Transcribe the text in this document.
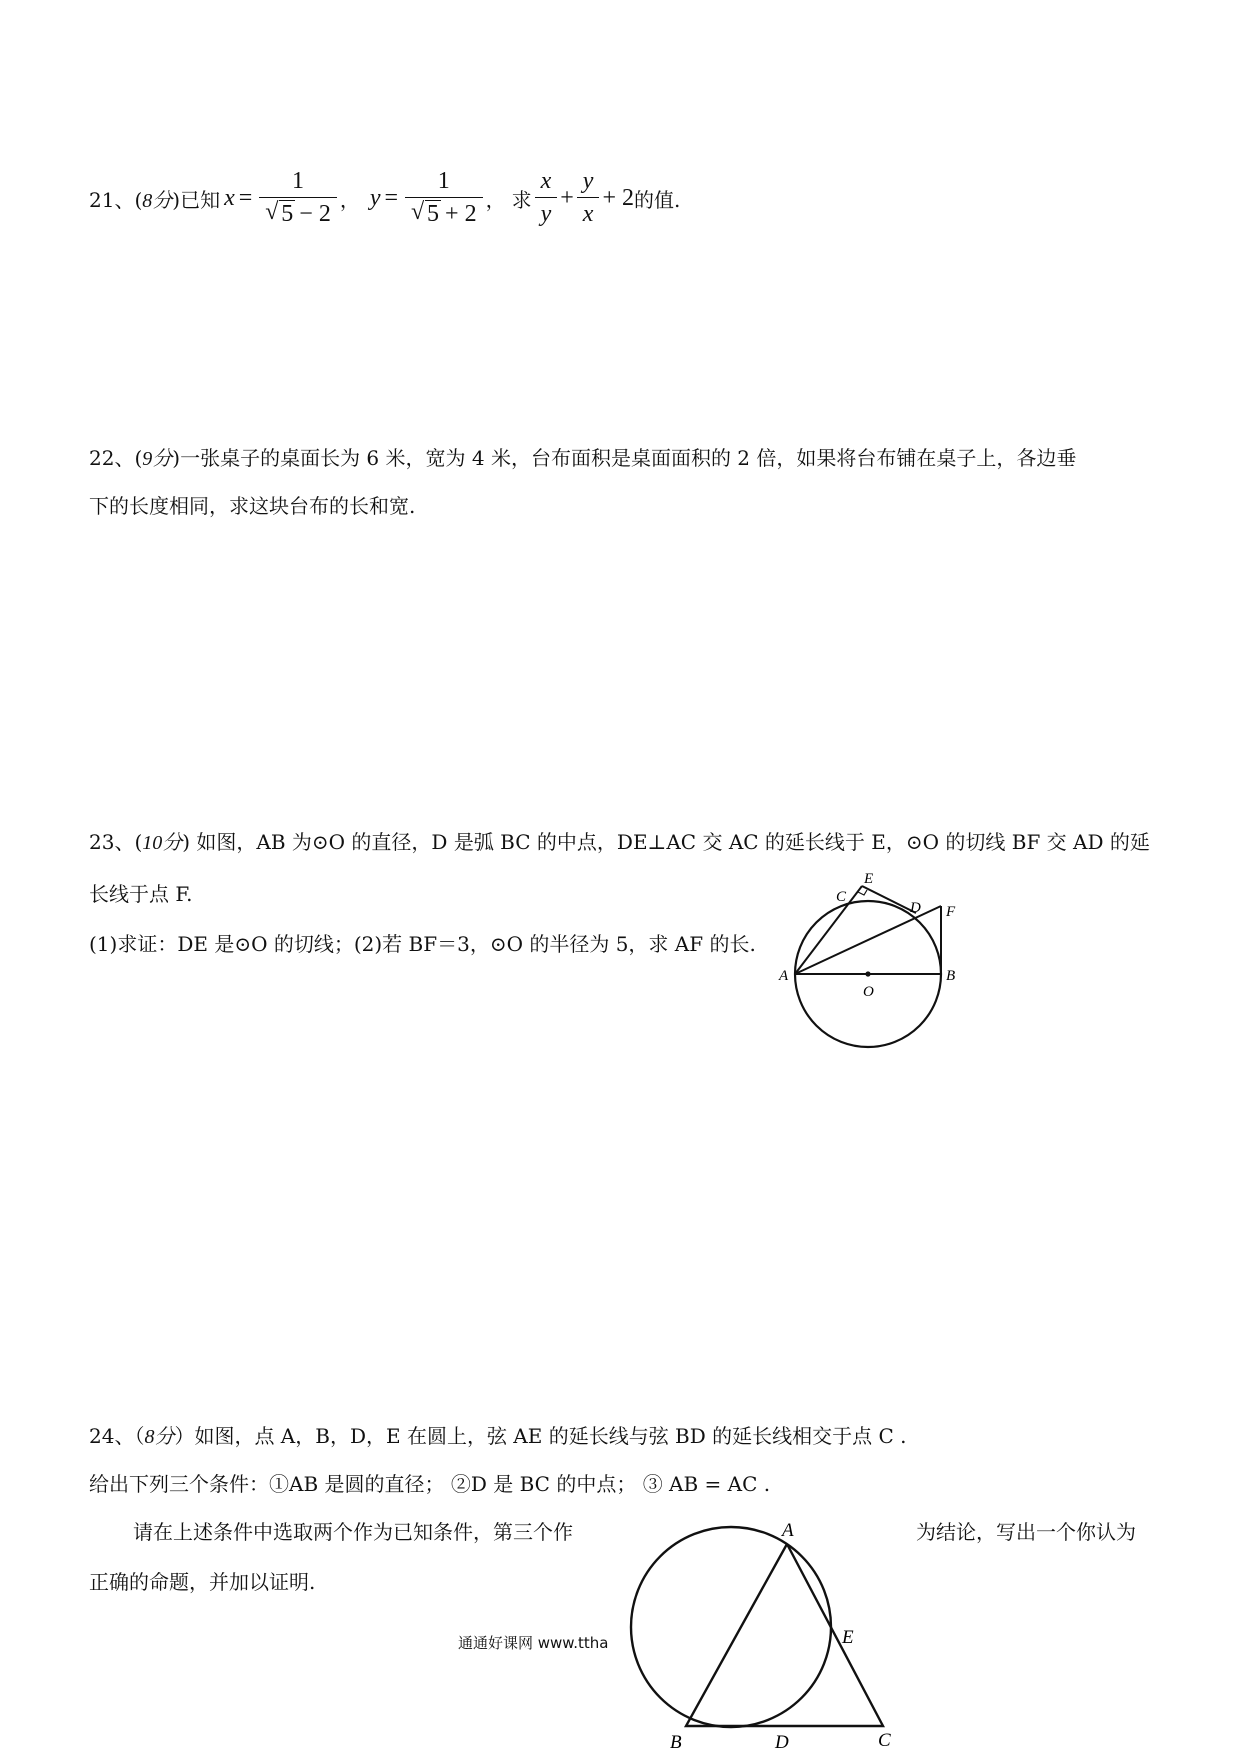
21、( 8分 )已知 x = 1
√ 5 − 2 ， y = 1
√ 5 + 2 ， 求 $\frac{x}{y} + \frac{y}{x} + 2$ 的值.
22、(9分)一张桌子的桌面长为 6 米，宽为 4 米，台布面积是桌面面积的 2 倍，如果将台布铺在桌子上，各边垂
下的长度相同，求这块台布的长和宽.
23、(10分) 如图，AB 为⊙O 的直径，D 是弧 BC 的中点，DE⊥AC 交 AC 的延长线于 E，⊙O 的切线 BF 交 AD 的延
长线于点 F.
(1)求证：DE 是⊙O 的切线；(2)若 BF＝3，⊙O 的半径为 5，求 AF 的长.
E
C
D F
A	B
O
24、（8分）如图，点 A，B，D，E 在圆上，弦 AE 的延长线与弦 BD 的延长线相交于点 C .
给出下列三个条件：①AB 是圆的直径； ②D 是 BC 的中点； ③ AB = AC .
请在上述条件中选取两个作为已知条件，第三个作	为结论，写出一个你认为
正确的命题，并加以证明.
通通好课网 www.ttha
A
E
B	D	C
